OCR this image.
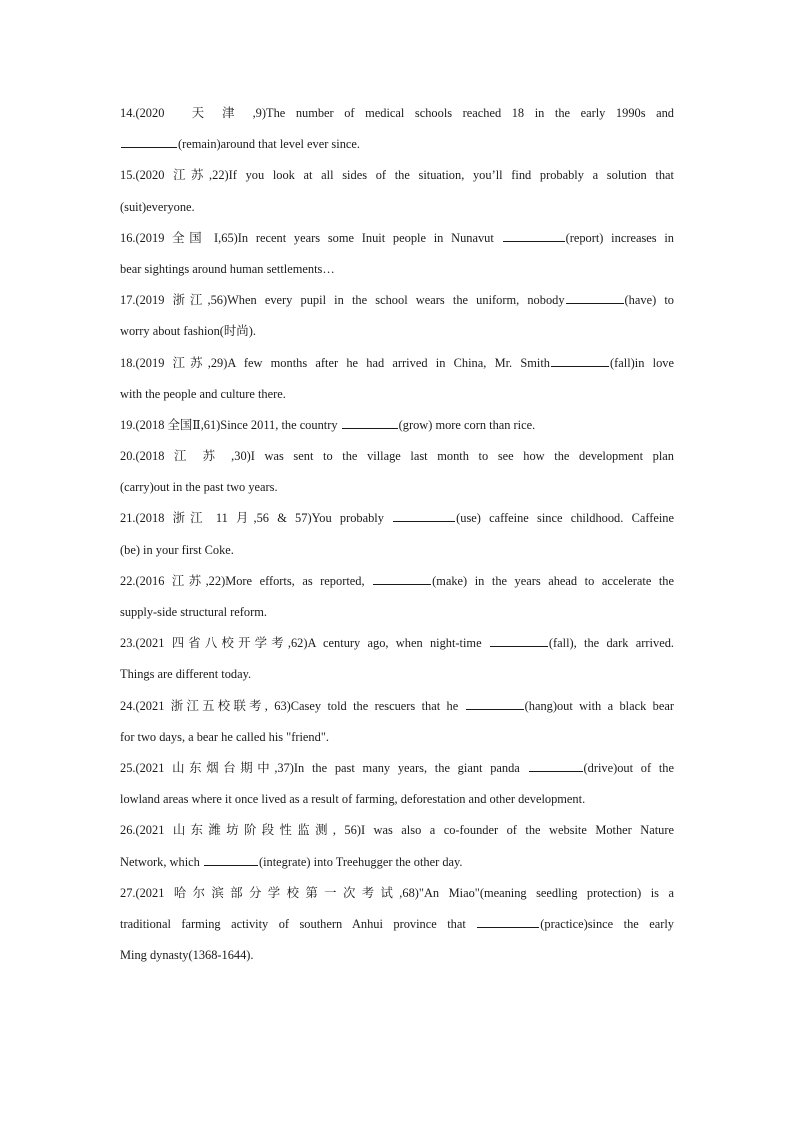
14.(2020　天 津 ,9)The number of medical schools reached 18 in the early 1990s and
(remain)around that level ever since.
15.(2020 江苏,22)If you look at all sides of the situation, you’ll find probably a solution that
(suit)everyone.
16.(2019 全国 I,65)In recent years some Inuit people in Nunavut	(report) increases in
bear sightings around human settlements…
17.(2019 浙江,56)When every pupil in the school wears the uniform, nobody	(have) to
worry about fashion(时尚).
18.(2019 江苏,29)A few months after he had arrived in China, Mr. Smith	(fall)in love
with the people and culture there.
19.(2018 全国Ⅱ,61)Since 2011, the country	(grow) more corn than rice.
20.(2018 江 苏 ,30)I was sent to the village last month to see how the development plan
(carry)out in the past two years.
21.(2018 浙江 11 月,56 & 57)You probably	(use) caffeine since childhood. Caffeine
(be) in your first Coke.
22.(2016 江苏,22)More efforts, as reported,	(make) in the years ahead to accelerate the
supply-side structural reform.
23.(2021 四省八校开学考,62)A century ago, when night-time	(fall), the dark arrived.
Things are different today.
24.(2021 浙江五校联考, 63)Casey told the rescuers that he	(hang)out with a black bear
for two days, a bear he called his "friend".
25.(2021 山东烟台期中,37)In the past many years, the giant panda	(drive)out of the
lowland areas where it once lived as a result of farming, deforestation and other development.
26.(2021 山东潍坊阶段性监测, 56)I was also a co-founder of the website Mother Nature
Network, which	(integrate) into Treehugger the other day.
27.(2021 哈尔滨部分学校第一次考试,68)"An Miao"(meaning seedling protection) is a
traditional farming activity of southern Anhui province that	(practice)since the early
Ming dynasty(1368-1644).
